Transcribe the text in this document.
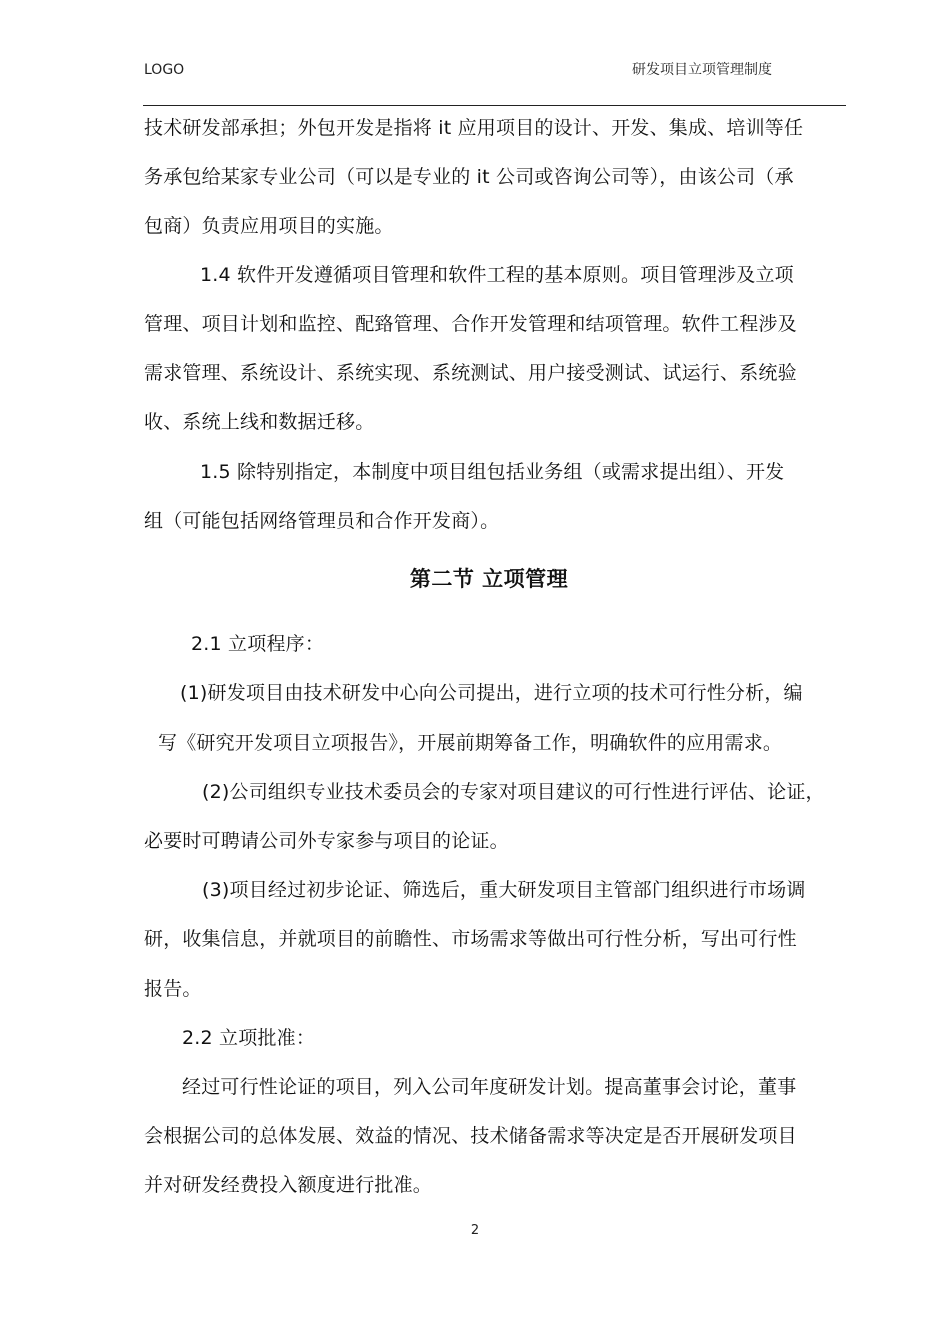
LOGO	研发项目立项管理制度
技术研发部承担；外包开发是指将 it 应用项目的设计、开发、集成、培训等任
务承包给某家专业公司（可以是专业的 it 公司或咨询公司等），由该公司（承
包商）负责应用项目的实施。
1.4 软件开发遵循项目管理和软件工程的基本原则。项目管理涉及立项
管理、项目计划和监控、配臵管理、合作开发管理和结项管理。软件工程涉及
需求管理、系统设计、系统实现、系统测试、用户接受测试、试运行、系统验
收、系统上线和数据迁移。
1.5 除特别指定，本制度中项目组包括业务组（或需求提出组）、开发
组（可能包括网络管理员和合作开发商）。
第二节 立项管理
2.1 立项程序：
(1)研发项目由技术研发中心向公司提出，进行立项的技术可行性分析，编
写《研究开发项目立项报告》，开展前期筹备工作，明确软件的应用需求。
(2)公司组织专业技术委员会的专家对项目建议的可行性进行评估、论证，
必要时可聘请公司外专家参与项目的论证。
(3)项目经过初步论证、筛选后，重大研发项目主管部门组织进行市场调
研，收集信息，并就项目的前瞻性、市场需求等做出可行性分析，写出可行性
报告。
2.2 立项批准：
经过可行性论证的项目，列入公司年度研发计划。提高董事会讨论，董事
会根据公司的总体发展、效益的情况、技术储备需求等决定是否开展研发项目
并对研发经费投入额度进行批准。
2
